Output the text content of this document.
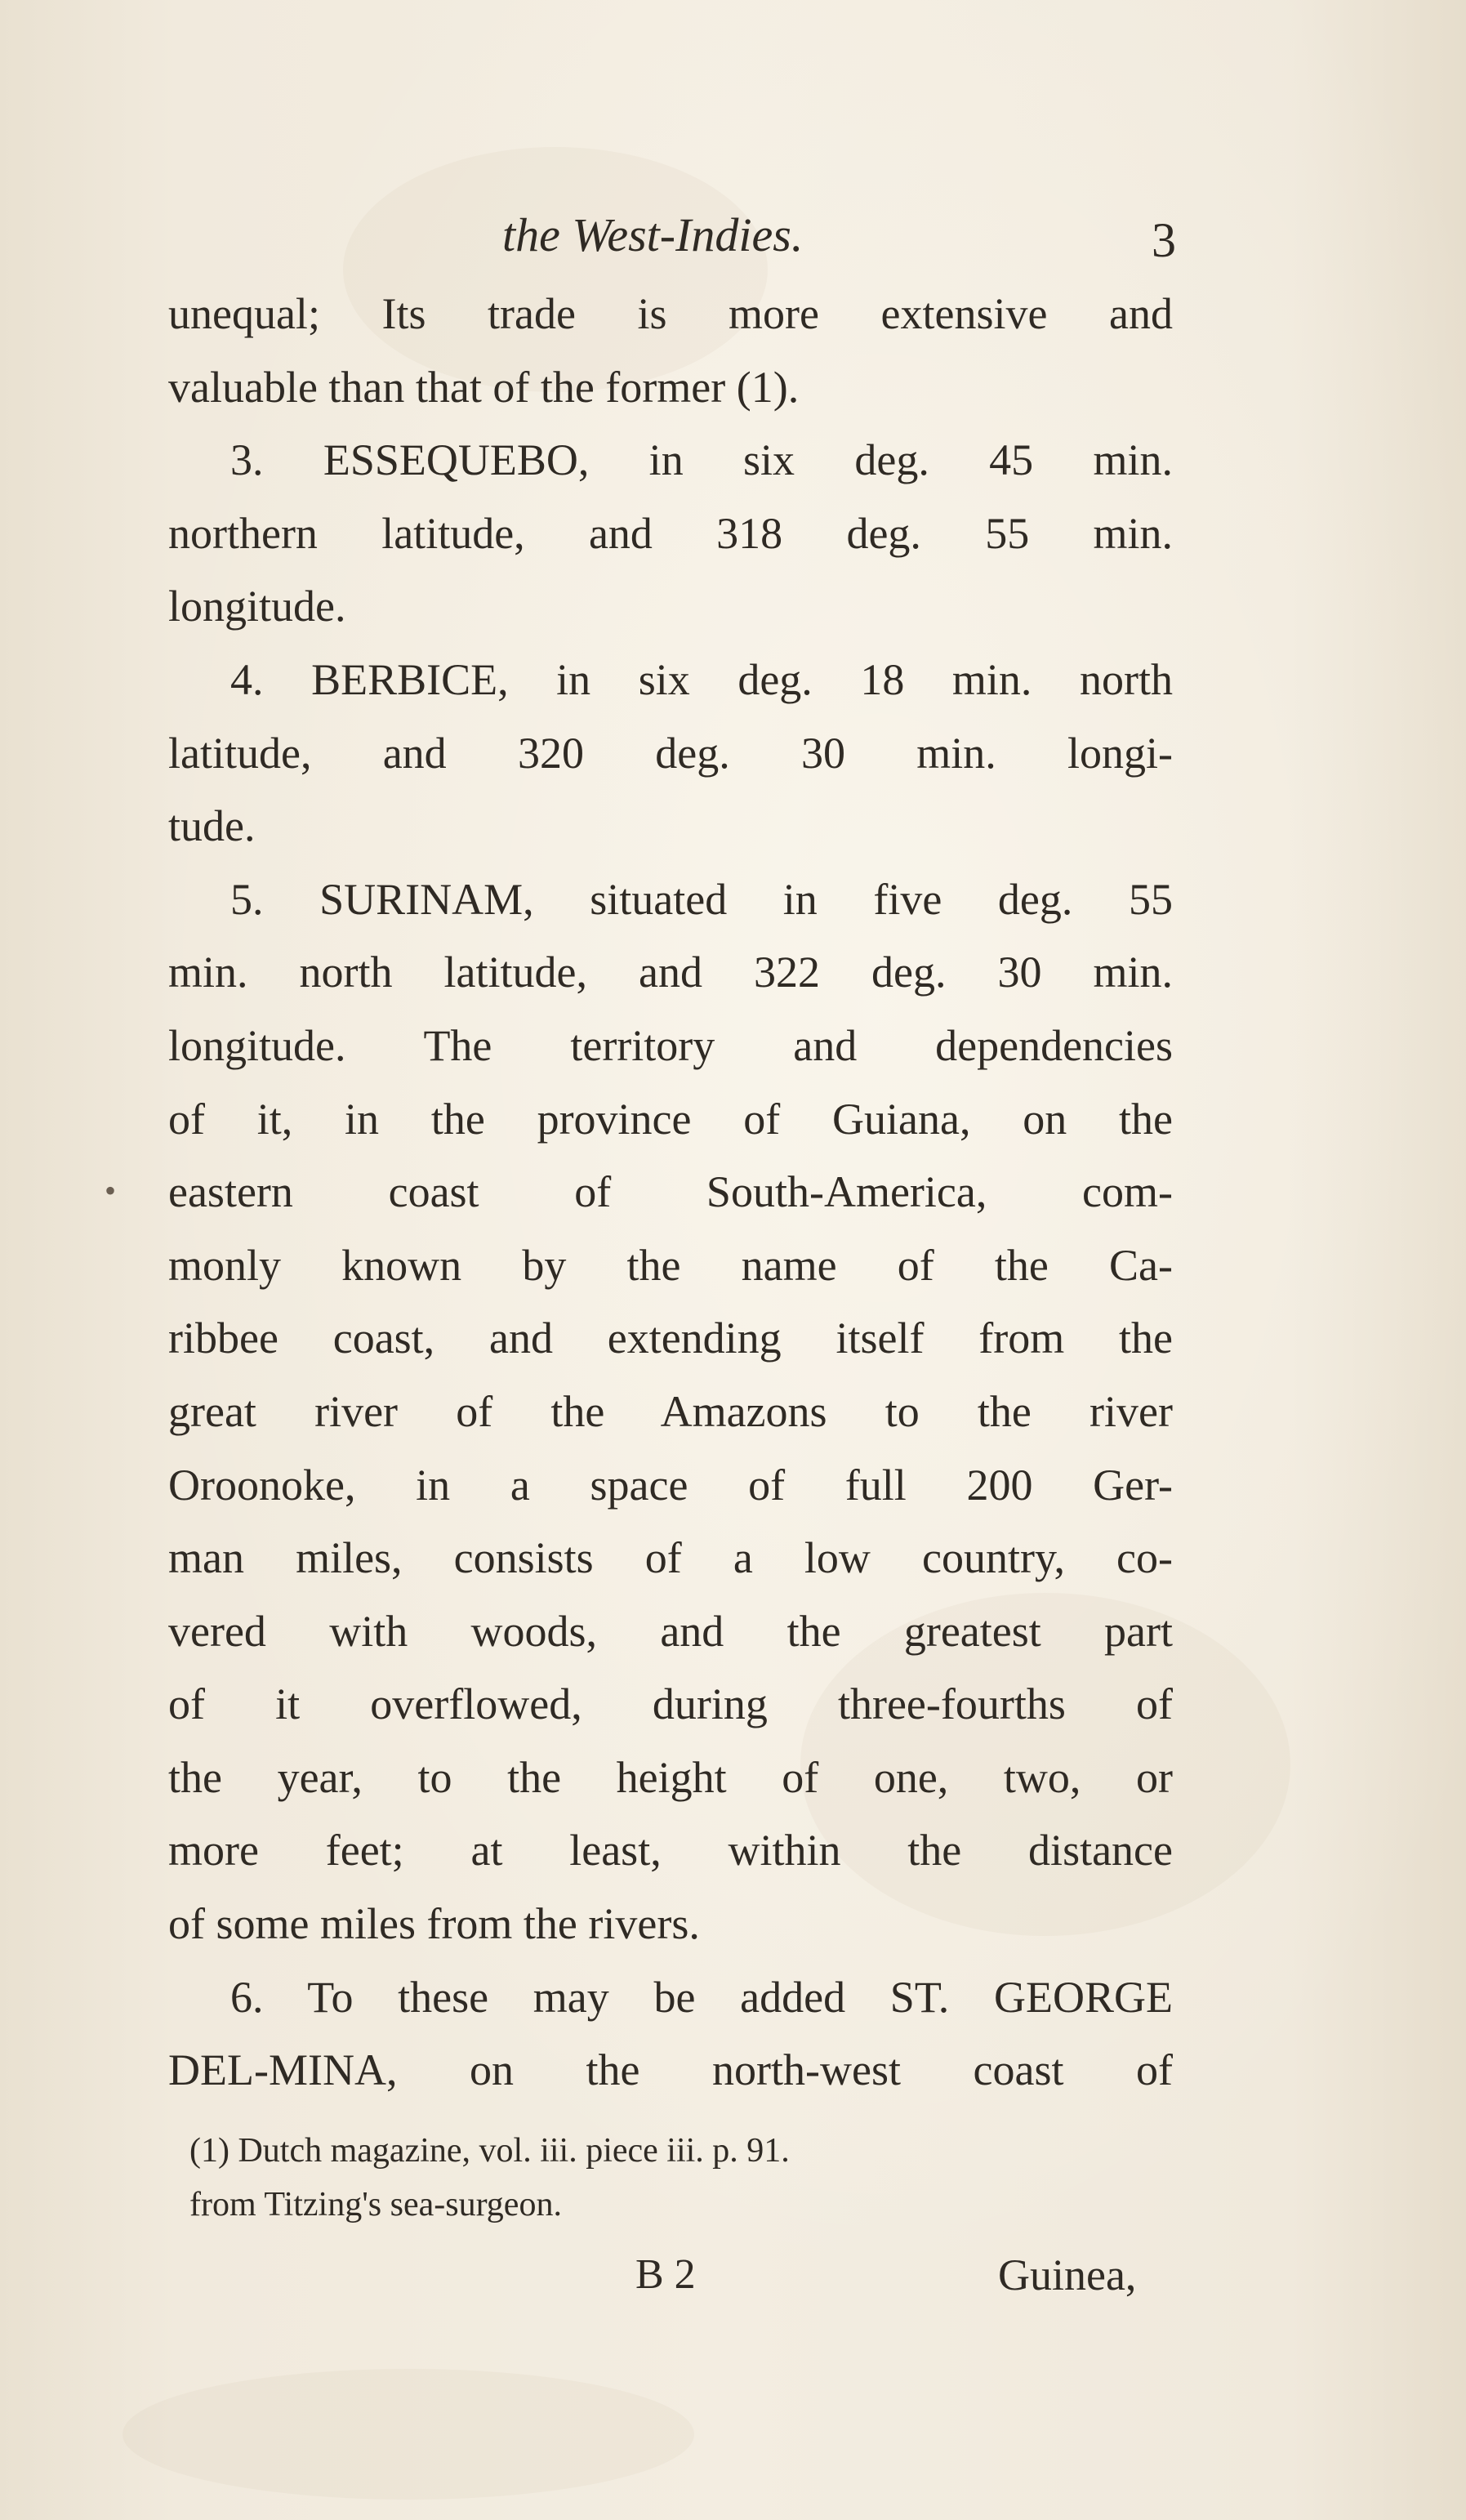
the West-Indies.	3
•
unequal; Its trade is more extensive and
valuable than that of the former (1).
3. ESSEQUEBO, in six deg. 45 min.
northern latitude, and 318 deg. 55 min.
longitude.
4. BERBICE, in six deg. 18 min. north
latitude, and 320 deg. 30 min. longi-
tude.
5. SURINAM, situated in five deg. 55
min. north latitude, and 322 deg. 30 min.
longitude. The territory and dependencies
of it, in the province of Guiana, on the
eastern coast of South-America, com-
monly known by the name of the Ca-
ribbee coast, and extending itself from the
great river of the Amazons to the river
Oroonoke, in a space of full 200 Ger-
man miles, consists of a low country, co-
vered with woods, and the greatest part
of it overflowed, during three-fourths of
the year, to the height of one, two, or
more feet; at least, within the distance
of some miles from the rivers.
6. To these may be added ST. GEORGE
DEL-MINA, on the north-west coast of
(1) Dutch magazine, vol. iii. piece iii. p. 91.
from Titzing's sea-surgeon.
B 2	Guinea,
